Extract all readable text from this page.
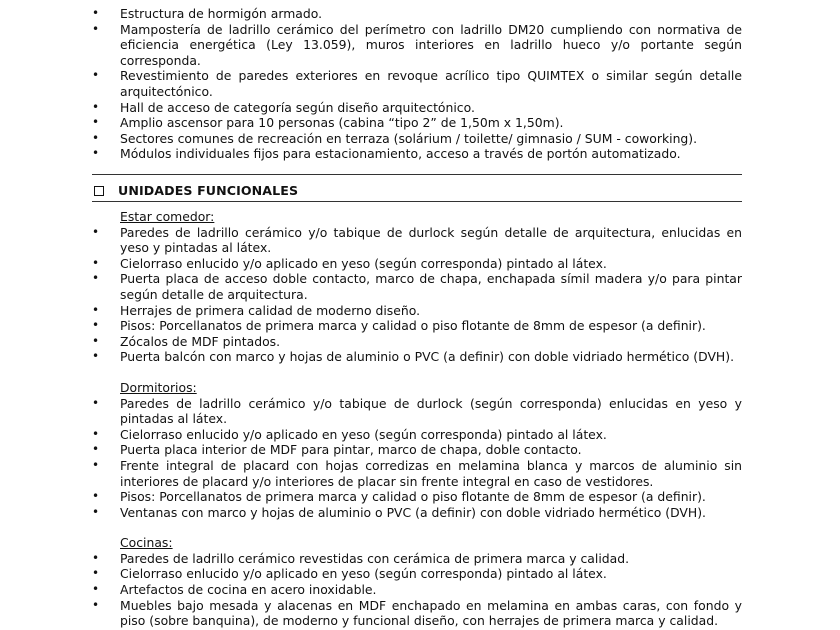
• Estructura de hormigón armado.
• Mampostería de ladrillo cerámico del perímetro con ladrillo DM20 cumpliendo con normativa de eficiencia energética (Ley 13.059), muros interiores en ladrillo hueco y/o portante según corresponda.
• Revestimiento de paredes exteriores en revoque acrílico tipo QUIMTEX o similar según detalle arquitectónico.
• Hall de acceso de categoría según diseño arquitectónico.
• Amplio ascensor para 10 personas (cabina “tipo 2” de 1,50m x 1,50m).
• Sectores comunes de recreación en terraza (solárium / toilette/ gimnasio / SUM - coworking).
• Módulos individuales fijos para estacionamiento, acceso a través de portón automatizado.
UNIDADES FUNCIONALES

Estar comedor:

• Paredes de ladrillo cerámico y/o tabique de durlock según detalle de arquitectura, enlucidas en yeso y pintadas al látex.
• Cielorraso enlucido y/o aplicado en yeso (según corresponda) pintado al látex.
• Puerta placa de acceso doble contacto, marco de chapa, enchapada símil madera y/o para pintar según detalle de arquitectura.
• Herrajes de primera calidad de moderno diseño.
• Pisos: Porcellanatos de primera marca y calidad o piso flotante de 8mm de espesor (a definir).
• Zócalos de MDF pintados.
• Puerta balcón con marco y hojas de aluminio o PVC (a definir) con doble vidriado hermético (DVH).

Dormitorios:

• Paredes de ladrillo cerámico y/o tabique de durlock (según corresponda) enlucidas en yeso y pintadas al látex.
• Cielorraso enlucido y/o aplicado en yeso (según corresponda) pintado al látex.
• Puerta placa interior de MDF para pintar, marco de chapa, doble contacto.
• Frente integral de placard con hojas corredizas en melamina blanca y marcos de aluminio sin interiores de placard y/o interiores de placar sin frente integral en caso de vestidores.
• Pisos: Porcellanatos de primera marca y calidad o piso flotante de 8mm de espesor (a definir).
• Ventanas con marco y hojas de aluminio o PVC (a definir) con doble vidriado hermético (DVH).

Cocinas:

• Paredes de ladrillo cerámico revestidas con cerámica de primera marca y calidad.
• Cielorraso enlucido y/o aplicado en yeso (según corresponda) pintado al látex.
• Artefactos de cocina en acero inoxidable.
• Muebles bajo mesada y alacenas en MDF enchapado en melamina en ambas caras, con fondo y piso (sobre banquina), de moderno y funcional diseño, con herrajes de primera marca y calidad.
